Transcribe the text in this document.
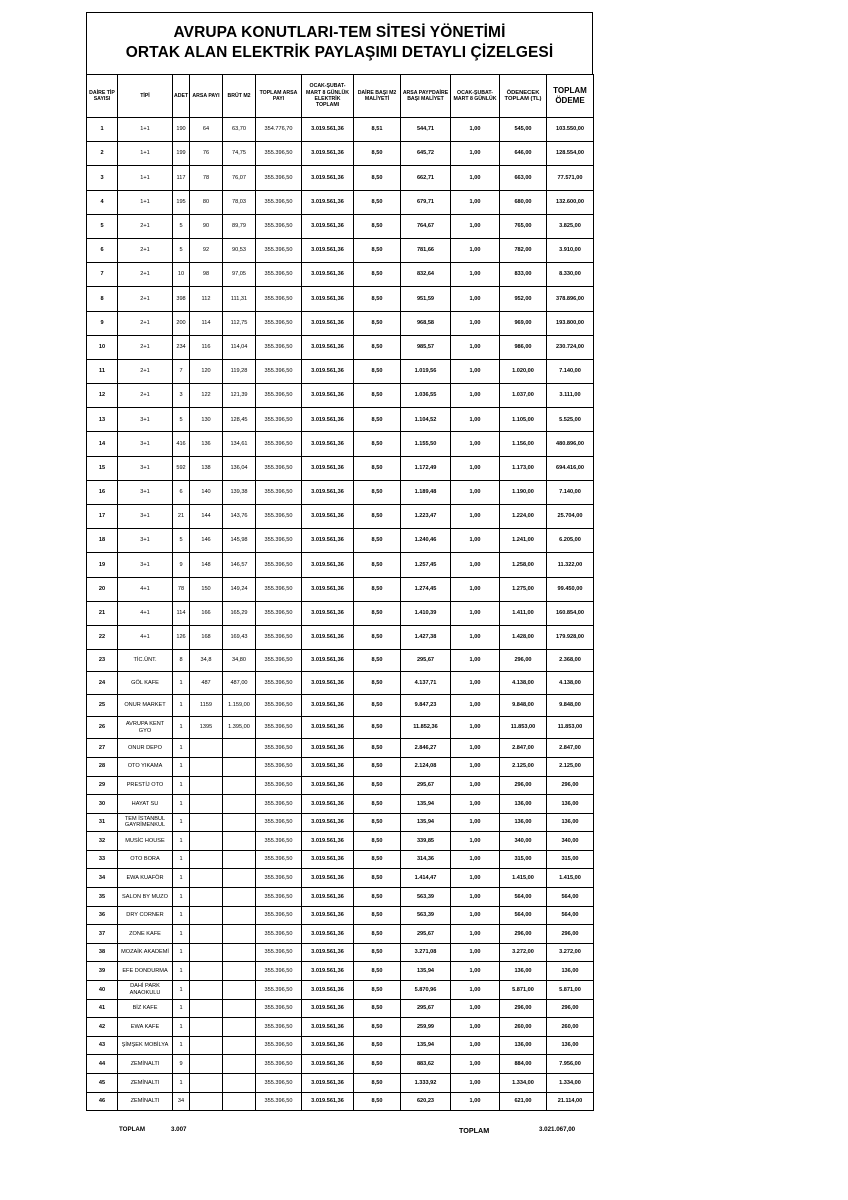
AVRUPA KONUTLARI-TEM SİTESİ YÖNETİMİ
ORTAK ALAN ELEKTRİK PAYLAŞIMI DETAYLI ÇİZELGESİ
DAİRE TİP SAYISI	TİPİ	ADET	ARSA PAYI	BRÜT M2	TOPLAM ARSA PAYI	OCAK-ŞUBAT-MART 8 GÜNLÜK ELEKTRİK TOPLAMI	DAİRE BAŞI M2 MALİYETİ	ARSA PAYI*DAİRE BAŞI MALİYET	OCAK-ŞUBAT-MART 8 GÜNLÜK	ÖDENECEK TOPLAM (TL)	TOPLAM ÖDEME
1	1+1	190	64	63,70	354.776,70	3.019.561,36	8,51	544,71	1,00	545,00	103.550,00
2	1+1	199	76	74,75	355.396,50	3.019.561,36	8,50	645,72	1,00	646,00	128.554,00
3	1+1	117	78	76,07	355.396,50	3.019.561,36	8,50	662,71	1,00	663,00	77.571,00
4	1+1	195	80	78,03	355.396,50	3.019.561,36	8,50	679,71	1,00	680,00	132.600,00
5	2+1	5	90	89,79	355.396,50	3.019.561,36	8,50	764,67	1,00	765,00	3.825,00
6	2+1	5	92	90,53	355.396,50	3.019.561,36	8,50	781,66	1,00	782,00	3.910,00
7	2+1	10	98	97,05	355.396,50	3.019.561,36	8,50	832,64	1,00	833,00	8.330,00
8	2+1	398	112	111,31	355.396,50	3.019.561,36	8,50	951,59	1,00	952,00	378.896,00
9	2+1	200	114	112,75	355.396,50	3.019.561,36	8,50	968,58	1,00	969,00	193.800,00
10	2+1	234	116	114,04	355.396,50	3.019.561,36	8,50	985,57	1,00	986,00	230.724,00
11	2+1	7	120	119,28	355.396,50	3.019.561,36	8,50	1.019,56	1,00	1.020,00	7.140,00
12	2+1	3	122	121,39	355.396,50	3.019.561,36	8,50	1.036,55	1,00	1.037,00	3.111,00
13	3+1	5	130	128,45	355.396,50	3.019.561,36	8,50	1.104,52	1,00	1.105,00	5.525,00
14	3+1	416	136	134,61	355.396,50	3.019.561,36	8,50	1.155,50	1,00	1.156,00	480.896,00
15	3+1	592	138	136,04	355.396,50	3.019.561,36	8,50	1.172,49	1,00	1.173,00	694.416,00
16	3+1	6	140	139,38	355.396,50	3.019.561,36	8,50	1.189,48	1,00	1.190,00	7.140,00
17	3+1	21	144	143,76	355.396,50	3.019.561,36	8,50	1.223,47	1,00	1.224,00	25.704,00
18	3+1	5	146	145,98	355.396,50	3.019.561,36	8,50	1.240,46	1,00	1.241,00	6.205,00
19	3+1	9	148	146,57	355.396,50	3.019.561,36	8,50	1.257,45	1,00	1.258,00	11.322,00
20	4+1	78	150	149,24	355.396,50	3.019.561,36	8,50	1.274,45	1,00	1.275,00	99.450,00
21	4+1	114	166	165,29	355.396,50	3.019.561,36	8,50	1.410,39	1,00	1.411,00	160.854,00
22	4+1	126	168	169,43	355.396,50	3.019.561,36	8,50	1.427,38	1,00	1.428,00	179.928,00
23	TİC.ÜNT.	8	34,8	34,80	355.396,50	3.019.561,36	8,50	295,67	1,00	296,00	2.368,00
24	GÖL KAFE	1	487	487,00	355.396,50	3.019.561,36	8,50	4.137,71	1,00	4.138,00	4.138,00
25	ONUR MARKET	1	1159	1.159,00	355.396,50	3.019.561,36	8,50	9.847,23	1,00	9.848,00	9.848,00
26	AVRUPA KENT GYO	1	1395	1.395,00	355.396,50	3.019.561,36	8,50	11.852,36	1,00	11.853,00	11.853,00
27	ONUR DEPO	1			355.396,50	3.019.561,36	8,50	2.846,27	1,00	2.847,00	2.847,00
28	OTO YIKAMA	1			355.396,50	3.019.561,36	8,50	2.124,08	1,00	2.125,00	2.125,00
29	PRESTİJ OTO	1			355.396,50	3.019.561,36	8,50	295,67	1,00	296,00	296,00
30	HAYAT SU	1			355.396,50	3.019.561,36	8,50	135,94	1,00	136,00	136,00
31	TEM İSTANBUL GAYRİMENKUL	1			355.396,50	3.019.561,36	8,50	135,94	1,00	136,00	136,00
32	MUSİC HOUSE	1			355.396,50	3.019.561,36	8,50	339,85	1,00	340,00	340,00
33	OTO BORA	1			355.396,50	3.019.561,36	8,50	314,36	1,00	315,00	315,00
34	EWA KUAFÖR	1			355.396,50	3.019.561,36	8,50	1.414,47	1,00	1.415,00	1.415,00
35	SALON BY MUZO	1			355.396,50	3.019.561,36	8,50	563,39	1,00	564,00	564,00
36	DRY CORNER	1			355.396,50	3.019.561,36	8,50	563,39	1,00	564,00	564,00
37	ZONE KAFE	1			355.396,50	3.019.561,36	8,50	295,67	1,00	296,00	296,00
38	MOZAİK AKADEMİ	1			355.396,50	3.019.561,36	8,50	3.271,08	1,00	3.272,00	3.272,00
39	EFE DONDURMA	1			355.396,50	3.019.561,36	8,50	135,94	1,00	136,00	136,00
40	DAHİ PARK ANAOKULU	1			355.396,50	3.019.561,36	8,50	5.870,96	1,00	5.871,00	5.871,00
41	BİZ KAFE	1			355.396,50	3.019.561,36	8,50	295,67	1,00	296,00	296,00
42	EWA KAFE	1			355.396,50	3.019.561,36	8,50	259,99	1,00	260,00	260,00
43	ŞİMŞEK MOBİLYA	1			355.396,50	3.019.561,36	8,50	135,94	1,00	136,00	136,00
44	ZEMİNALTI	9			355.396,50	3.019.561,36	8,50	883,62	1,00	884,00	7.956,00
45	ZEMİNALTI	1			355.396,50	3.019.561,36	8,50	1.333,92	1,00	1.334,00	1.334,00
46	ZEMİNALTI	34			355.396,50	3.019.561,36	8,50	620,23	1,00	621,00	21.114,00
TOPLAM	3.007	TOPLAM	3.021.067,00
